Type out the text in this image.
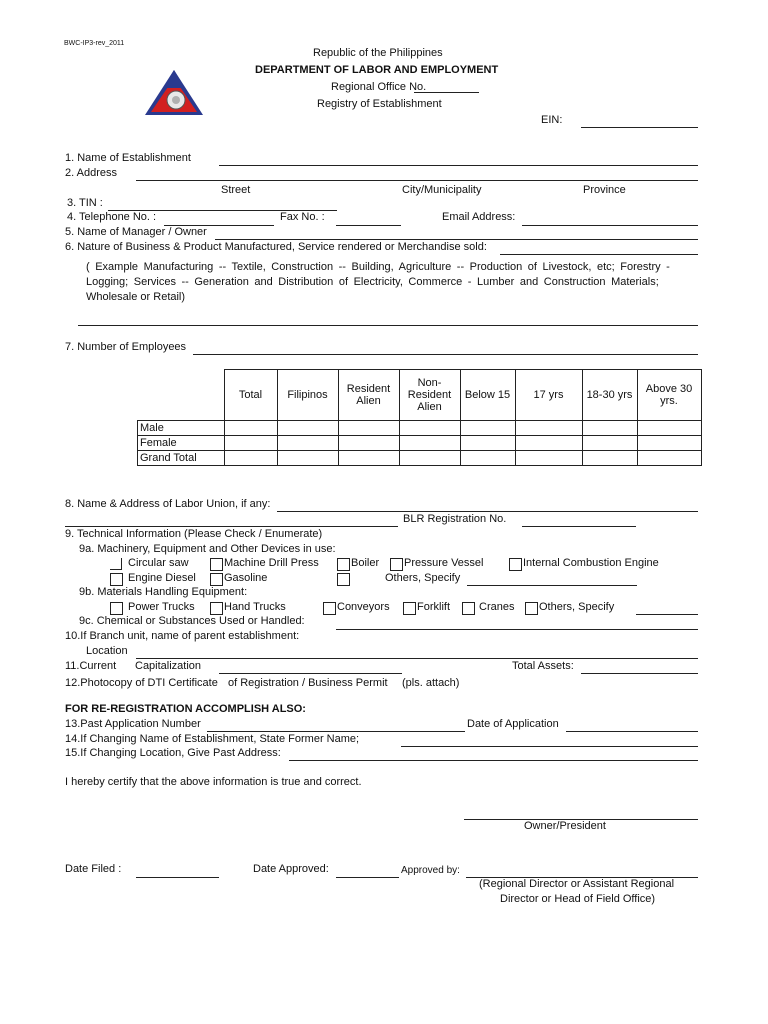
BWC-IP3-rev_2011
Republic of the Philippines
DEPARTMENT OF LABOR AND EMPLOYMENT
Regional Office No.
Registry of Establishment
EIN:
1. Name of Establishment
2. Address
Street	City/Municipality	Province
3. TIN :
4. Telephone No. :	Fax No. :	Email Address:
5. Name of Manager / Owner
6. Nature of Business & Product Manufactured, Service rendered or Merchandise sold:
( Example Manufacturing -- Textile, Construction -- Building, Agriculture -- Production of Livestock, etc; Forestry -
Logging; Services -- Generation and Distribution of Electricity, Commerce - Lumber and Construction Materials;
Wholesale or Retail)
7. Number of Employees
	Total	Filipinos	Resident Alien	Non-Resident Alien	Below 15	17 yrs	18-30 yrs	Above 30 yrs.
Male								
Female								
Grand Total								
8. Name & Address of Labor Union, if any:
BLR Registration No.
9. Technical Information (Please Check / Enumerate)
9a. Machinery, Equipment and Other Devices in use:
Circular saw	Machine Drill Press	Boiler Pressure Vessel	Internal Combustion Engine
Engine Diesel	Gasoline	Others, Specify
9b. Materials Handling Equipment:
Power Trucks	Hand Trucks	Conveyors Forklift	Cranes Others, Specify
9c. Chemical or Substances Used or Handled:
10.If Branch unit, name of parent establishment:
Location
11.Current Capitalization	Total Assets:
12.Photocopy of DTI Certificate of Registration / Business Permit (pls. attach)
FOR RE-REGISTRATION ACCOMPLISH ALSO:
13.Past Application Number	Date of Application
14.If Changing Name of Establishment, State Former Name;
15.If Changing Location, Give Past Address:
I hereby certify that the above information is true and correct.
Owner/President
Date Filed :	Date Approved:	Approved by:
(Regional Director or Assistant Regional
Director or Head of Field Office)
